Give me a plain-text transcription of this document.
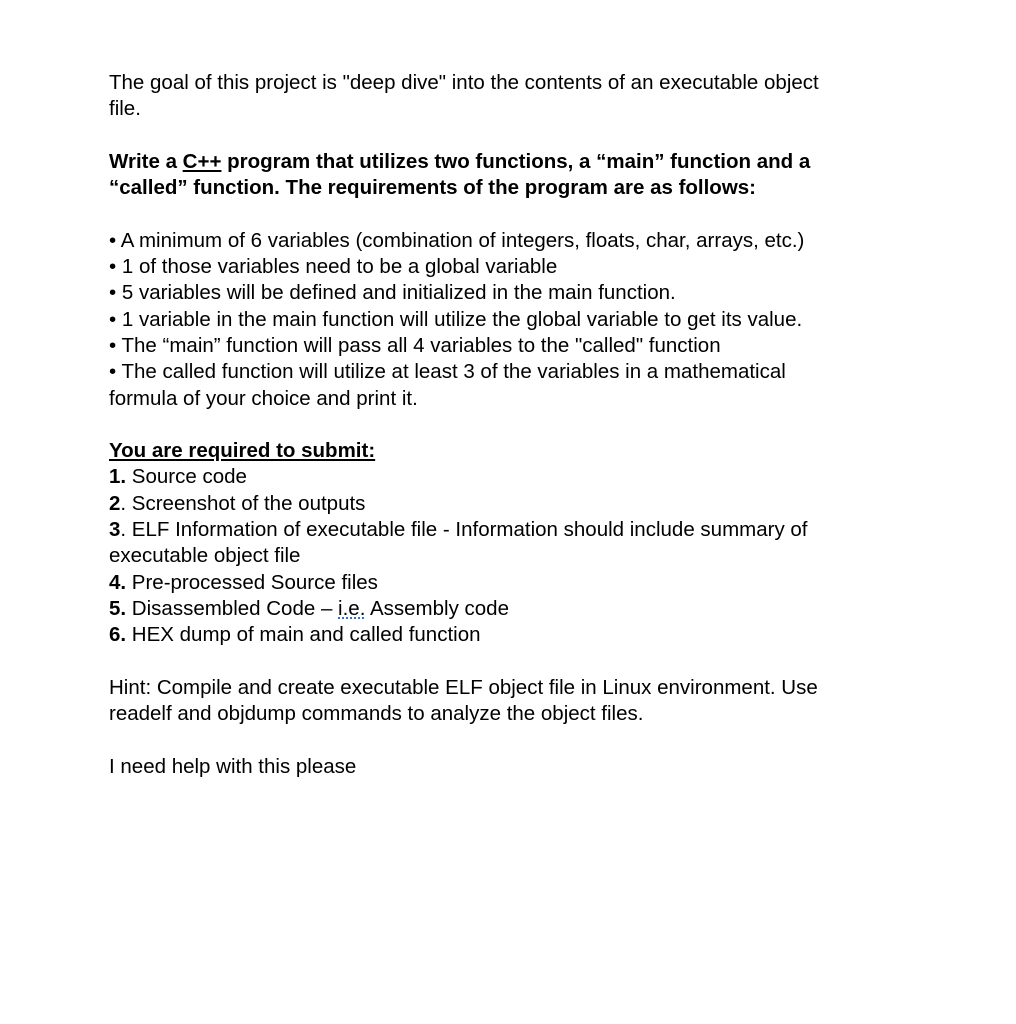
The goal of this project is "deep dive" into the contents of an executable object
file.
Write a C++ program that utilizes two functions, a “main” function and a
“called” function. The requirements of the program are as follows:
• A minimum of 6 variables (combination of integers, floats, char, arrays, etc.)
• 1 of those variables need to be a global variable
• 5 variables will be defined and initialized in the main function.
• 1 variable in the main function will utilize the global variable to get its value.
• The “main” function will pass all 4 variables to the "called" function
• The called function will utilize at least 3 of the variables in a mathematical
formula of your choice and print it.
You are required to submit:
1. Source code
2. Screenshot of the outputs
3. ELF Information of executable file - Information should include summary of
executable object file
4. Pre-processed Source files
5. Disassembled Code – i.e. Assembly code
6. HEX dump of main and called function
Hint: Compile and create executable ELF object file in Linux environment. Use
readelf and objdump commands to analyze the object files.
I need help with this please
